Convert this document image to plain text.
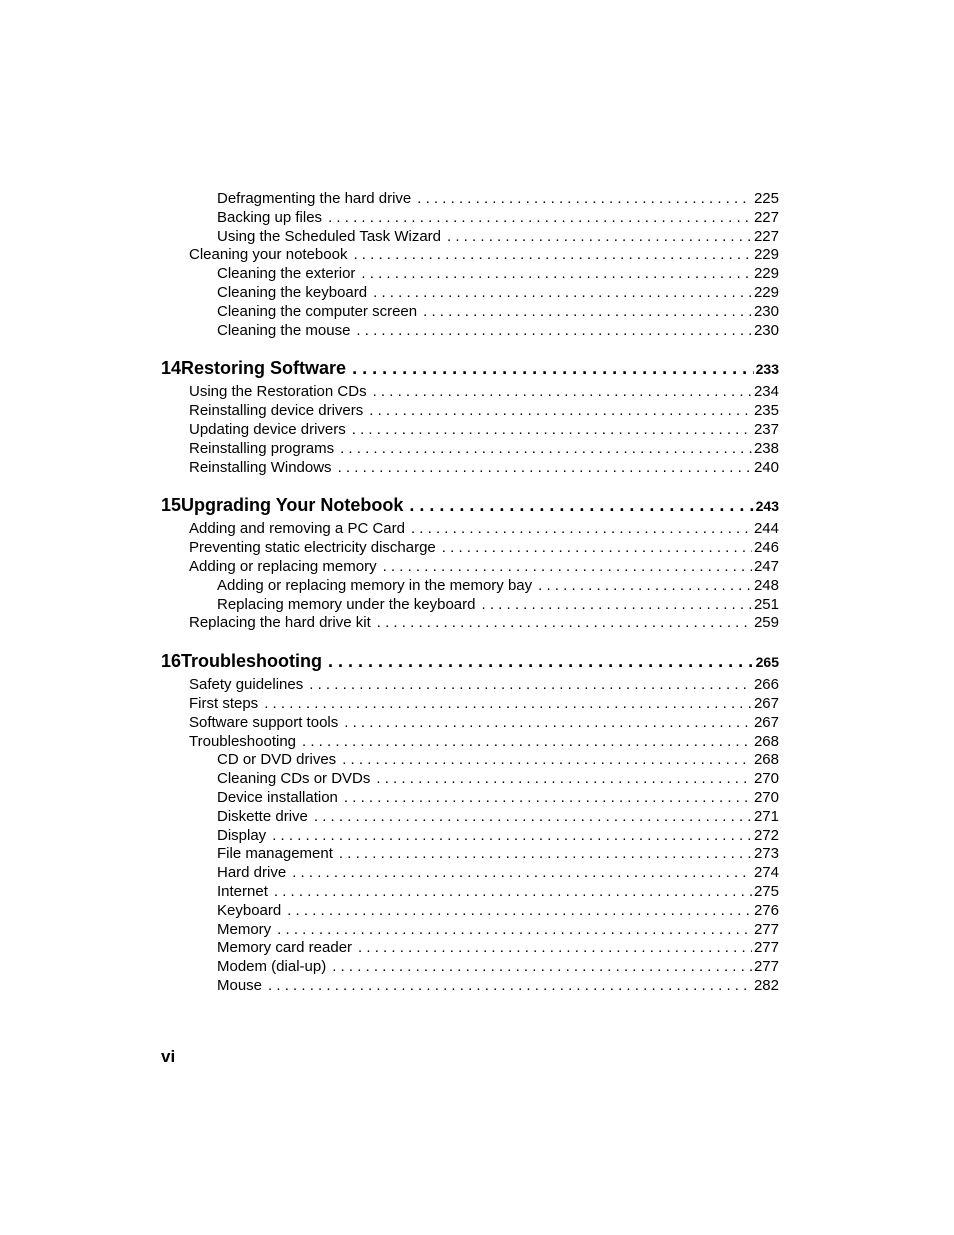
Defragmenting the hard drive . . .	225
Backing up files . . .	227
Using the Scheduled Task Wizard . . .	227
Cleaning your notebook . . .	229
Cleaning the exterior . . .	229
Cleaning the keyboard . . .	229
Cleaning the computer screen . . .	230
Cleaning the mouse . . .	230
14 Restoring Software . . .	233
Using the Restoration CDs . . .	234
Reinstalling device drivers . . .	235
Updating device drivers . . .	237
Reinstalling programs . . .	238
Reinstalling Windows . . .	240
15 Upgrading Your Notebook . . .	243
Adding and removing a PC Card . . .	244
Preventing static electricity discharge . . .	246
Adding or replacing memory . . .	247
Adding or replacing memory in the memory bay . . .	248
Replacing memory under the keyboard . . .	251
Replacing the hard drive kit . . .	259
16 Troubleshooting . . .	265
Safety guidelines . . .	266
First steps . . .	267
Software support tools . . .	267
Troubleshooting . . .	268
CD or DVD drives . . .	268
Cleaning CDs or DVDs . . .	270
Device installation . . .	270
Diskette drive . . .	271
Display . . .	272
File management . . .	273
Hard drive . . .	274
Internet . . .	275
Keyboard . . .	276
Memory . . .	277
Memory card reader . . .	277
Modem (dial-up) . . .	277
Mouse . . .	282
vi
